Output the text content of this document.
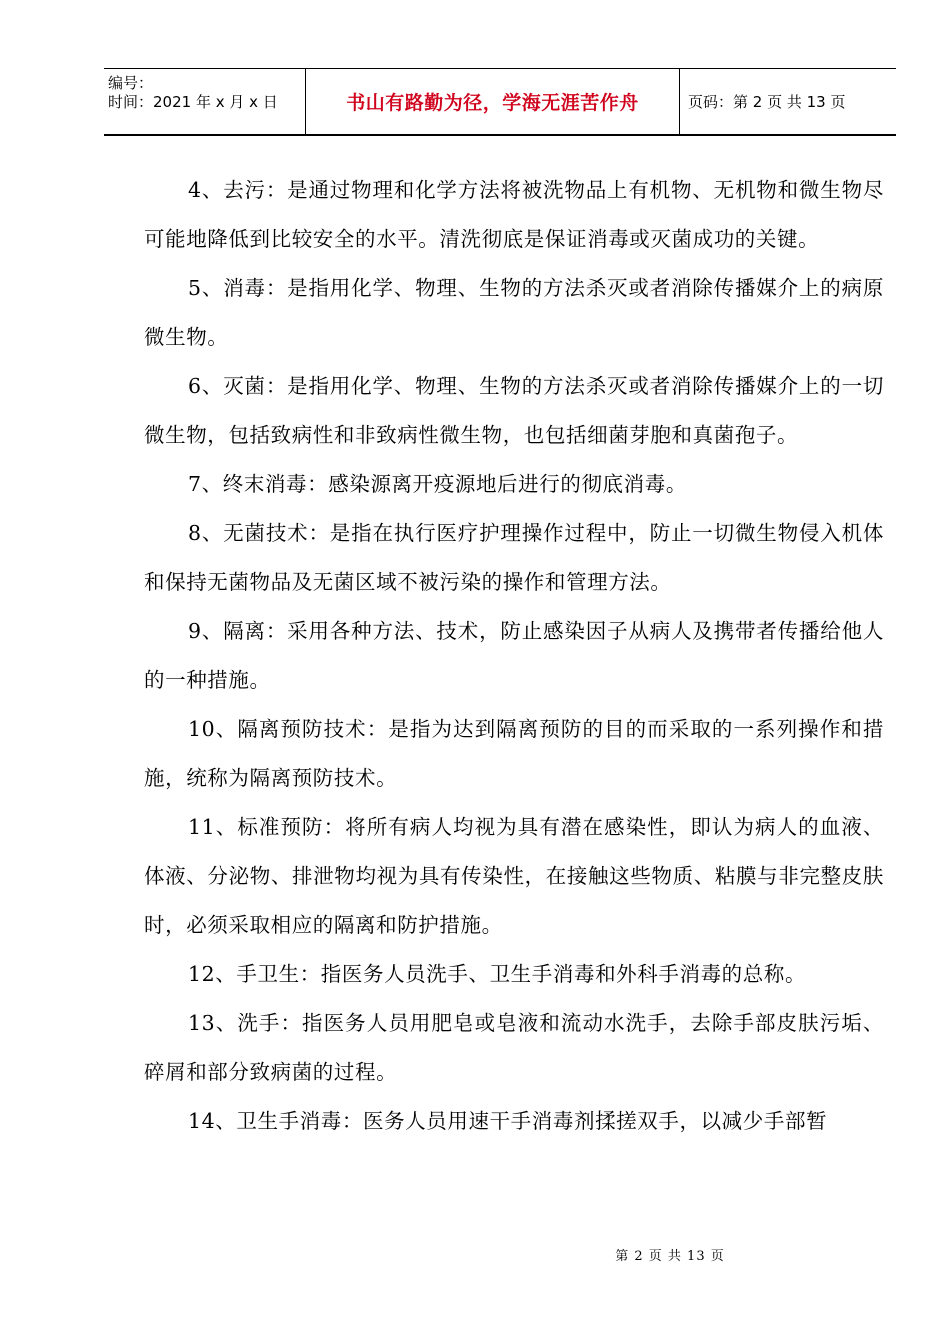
编号：
时间：2021 年 x 月 x 日	书山有路勤为径，学海无涯苦作舟	页码：第 2 页 共 13 页

4、去污：是通过物理和化学方法将被洗物品上有机物、无机物和微生物尽可能地降低到比较安全的水平。清洗彻底是保证消毒或灭菌成功的关键。

5、消毒：是指用化学、物理、生物的方法杀灭或者消除传播媒介上的病原微生物。

6、灭菌：是指用化学、物理、生物的方法杀灭或者消除传播媒介上的一切微生物，包括致病性和非致病性微生物，也包括细菌芽胞和真菌孢子。

7、终末消毒：感染源离开疫源地后进行的彻底消毒。

8、无菌技术：是指在执行医疗护理操作过程中，防止一切微生物侵入机体和保持无菌物品及无菌区域不被污染的操作和管理方法。

9、隔离：采用各种方法、技术，防止感染因子从病人及携带者传播给他人的一种措施。

10、隔离预防技术：是指为达到隔离预防的目的而采取的一系列操作和措施，统称为隔离预防技术。

11、标准预防：将所有病人均视为具有潜在感染性，即认为病人的血液、体液、分泌物、排泄物均视为具有传染性，在接触这些物质、粘膜与非完整皮肤时，必须采取相应的隔离和防护措施。

12、手卫生：指医务人员洗手、卫生手消毒和外科手消毒的总称。

13、洗手：指医务人员用肥皂或皂液和流动水洗手，去除手部皮肤污垢、碎屑和部分致病菌的过程。

14、卫生手消毒：医务人员用速干手消毒剂揉搓双手，以减少手部暂

第 2 页 共 13 页
